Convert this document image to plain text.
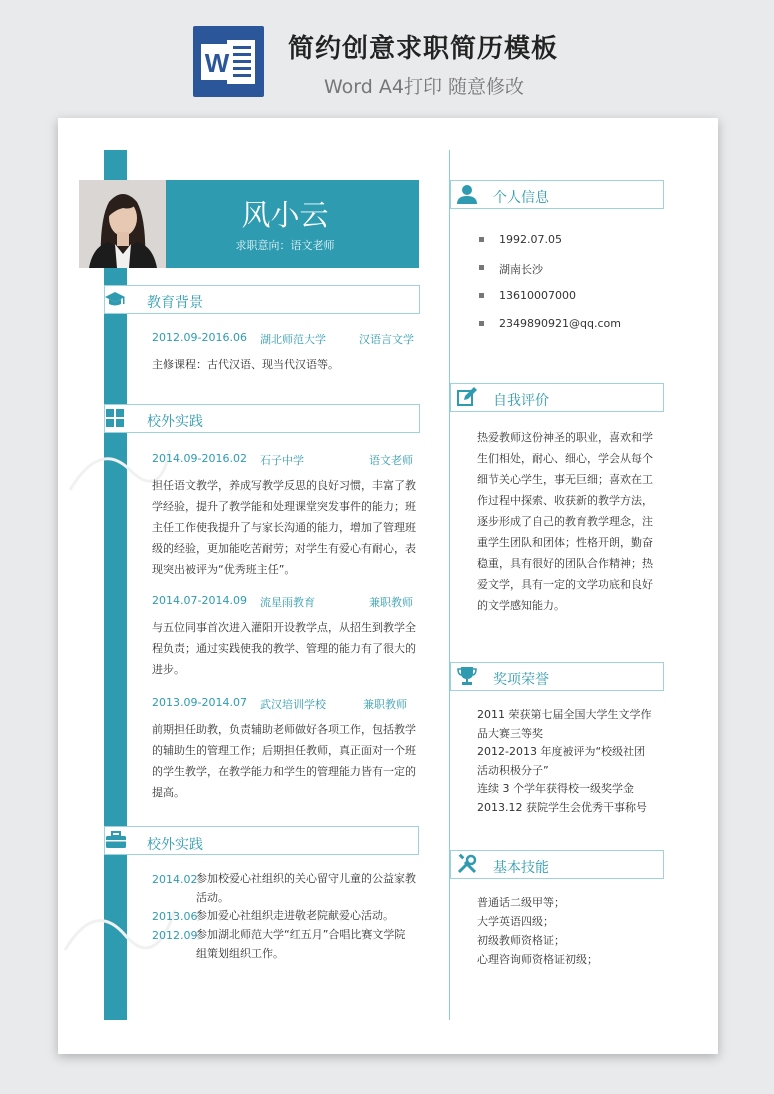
W 简约创意求职简历模板
Word A4打印 随意修改
风小云
求职意向：语文老师
教育背景
2012.09-2016.06 湖北师范大学	汉语言文学
主修课程：古代汉语、现当代汉语等。
校外实践
2014.09-2016.02 石子中学	语文老师
担任语文教学，养成写教学反思的良好习惯，丰富了教
学经验，提升了教学能和处理课堂突发事件的能力；班
主任工作使我提升了与家长沟通的能力，增加了管理班
级的经验，更加能吃苦耐劳；对学生有爱心有耐心，表
现突出被评为“优秀班主任”。
2014.07-2014.09 流星雨教育	兼职教师
与五位同事首次进入灌阳开设教学点，从招生到教学全
程负责；通过实践使我的教学、管理的能力有了很大的
进步。
2013.09-2014.07 武汉培训学校	兼职教师
前期担任助教，负责辅助老师做好各项工作，包括教学
的辅助生的管理工作；后期担任教师，真正面对一个班
的学生教学，在教学能力和学生的管理能力皆有一定的
提高。
校外实践
2014.02
参加校爱心社组织的关心留守儿童的公益家教
活动。
2013.06
参加爱心社组织走进敬老院献爱心活动。
2012.09
参加湖北师范大学“红五月”合唱比赛文学院
组策划组织工作。
个人信息
1992.07.05
湖南长沙
13610007000
2349890921@qq.com
自我评价
热爱教师这份神圣的职业，喜欢和学
生们相处，耐心、细心，学会从每个
细节关心学生，事无巨细；喜欢在工
作过程中探索、收获新的教学方法，
逐步形成了自己的教育教学理念，注
重学生团队和团体；性格开朗，勤奋
稳重，具有很好的团队合作精神；热
爱文学，具有一定的文学功底和良好
的文学感知能力。
奖项荣誉
2011 荣获第七届全国大学生文学作
品大赛三等奖
2012-2013 年度被评为“校级社团
活动积极分子”
连续 3 个学年获得校一级奖学金
2013.12 获院学生会优秀干事称号
基本技能
普通话二级甲等；
大学英语四级；
初级教师资格证；
心理咨询师资格证初级；
